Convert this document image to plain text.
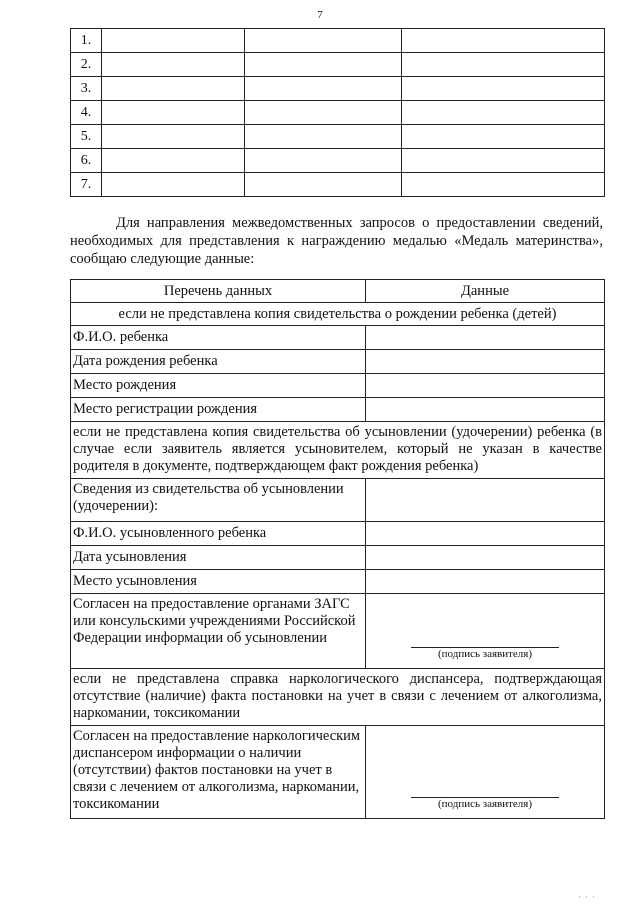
7
1.			
2.			
3.			
4.			
5.			
6.			
7.			
Для направления межведомственных запросов о предоставлении сведений, необходимых для представления к награждению медалью «Медаль материнства», сообщаю следующие данные:
Перечень данных	Данные
если не представлена копия свидетельства о рождении ребенка (детей)	
Ф.И.О. ребенка	
Дата рождения ребенка	
Место рождения	
Место регистрации рождения	
если не представлена копия свидетельства об усыновлении (удочерении) ребенка (в случае если заявитель является усыновителем, который не указан в качестве родителя в документе, подтверждающем факт рождения ребенка)	
Сведения из свидетельства об усыновлении (удочерении):	
Ф.И.О. усыновленного ребенка	
Дата усыновления	
Место усыновления	
Согласен на предоставление органами ЗАГС или консульскими учреждениями Российской Федерации информации об усыновлении	(подпись заявителя)

если не представлена справка наркологического диспансера, подтверждающая отсутствие (наличие) факта постановки на учет в связи с лечением от алкоголизма, наркомании, токсикомании	
Согласен на предоставление наркологическим диспансером информации о наличии (отсутствии) фактов постановки на учет в связи с лечением от алкоголизма, наркомании, токсикомании	(подпись заявителя)
' ' '
